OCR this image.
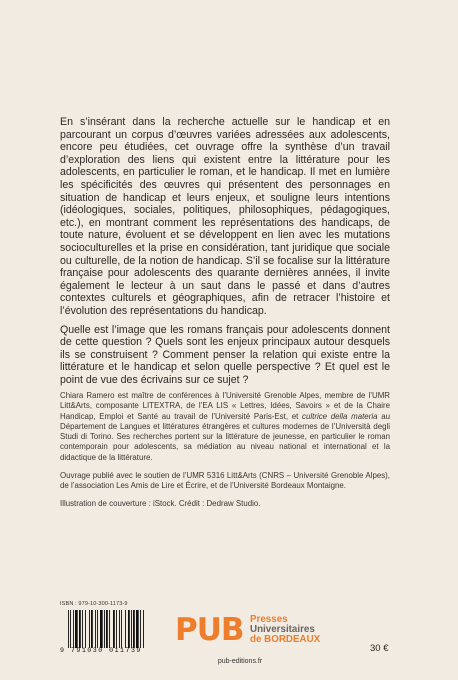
En s’insérant dans la recherche actuelle sur le handicap et en parcourant un corpus d’œuvres variées adressées aux adolescents, encore peu étudiées, cet ouvrage offre la synthèse d’un travail d’exploration des liens qui existent entre la littérature pour les adolescents, en particulier le roman, et le handicap. Il met en lumière les spécificités des œuvres qui présentent des personnages en situation de handicap et leurs enjeux, et souligne leurs intentions (idéologiques, sociales, politiques, philosophiques, pédagogiques, etc.), en montrant comment les représentations des handicaps, de toute nature, évoluent et se développent en lien avec les mutations socioculturelles et la prise en considération, tant juridique que sociale ou culturelle, de la notion de handicap. S’il se focalise sur la littérature française pour adolescents des quarante dernières années, il invite également le lecteur à un saut dans le passé et dans d’autres contextes culturels et géographiques, afin de retracer l’histoire et l’évolution des représentations du handicap.

Quelle est l’image que les romans français pour adolescents donnent de cette question ? Quels sont les enjeux principaux autour desquels ils se construisent ? Comment penser la relation qui existe entre la littérature et le handicap et selon quelle perspective ? Et quel est le point de vue des écrivains sur ce sujet ?

Chiara Ramero est maître de conférences à l’Université Grenoble Alpes, membre de l’UMR Litt&Arts, composante LITEXTRA, de l’EA LIS « Lettres, Idées, Savoirs » et de la Chaire Handicap, Emploi et Santé au travail de l’Université Paris-Est, et cultrice della materia au Département de Langues et littératures étrangères et cultures modernes de l’Università degli Studi di Torino. Ses recherches portent sur la littérature de jeunesse, en particulier le roman contemporain pour adolescents, sa médiation au niveau national et international et la didactique de la littérature.

Ouvrage publié avec le soutien de l’UMR 5316 Litt&Arts (CNRS – Université Grenoble Alpes), de l’association Les Amis de Lire et Écrire, et de l’Université Bordeaux Montaigne.

Illustration de couverture : iStock. Crédit : Dedraw Studio.

ISBN : 979-10-300-1173-9
9 791030 011739
PUB Presses
Universitaires
de BORDEAUX
pub-editions.fr
30 €
